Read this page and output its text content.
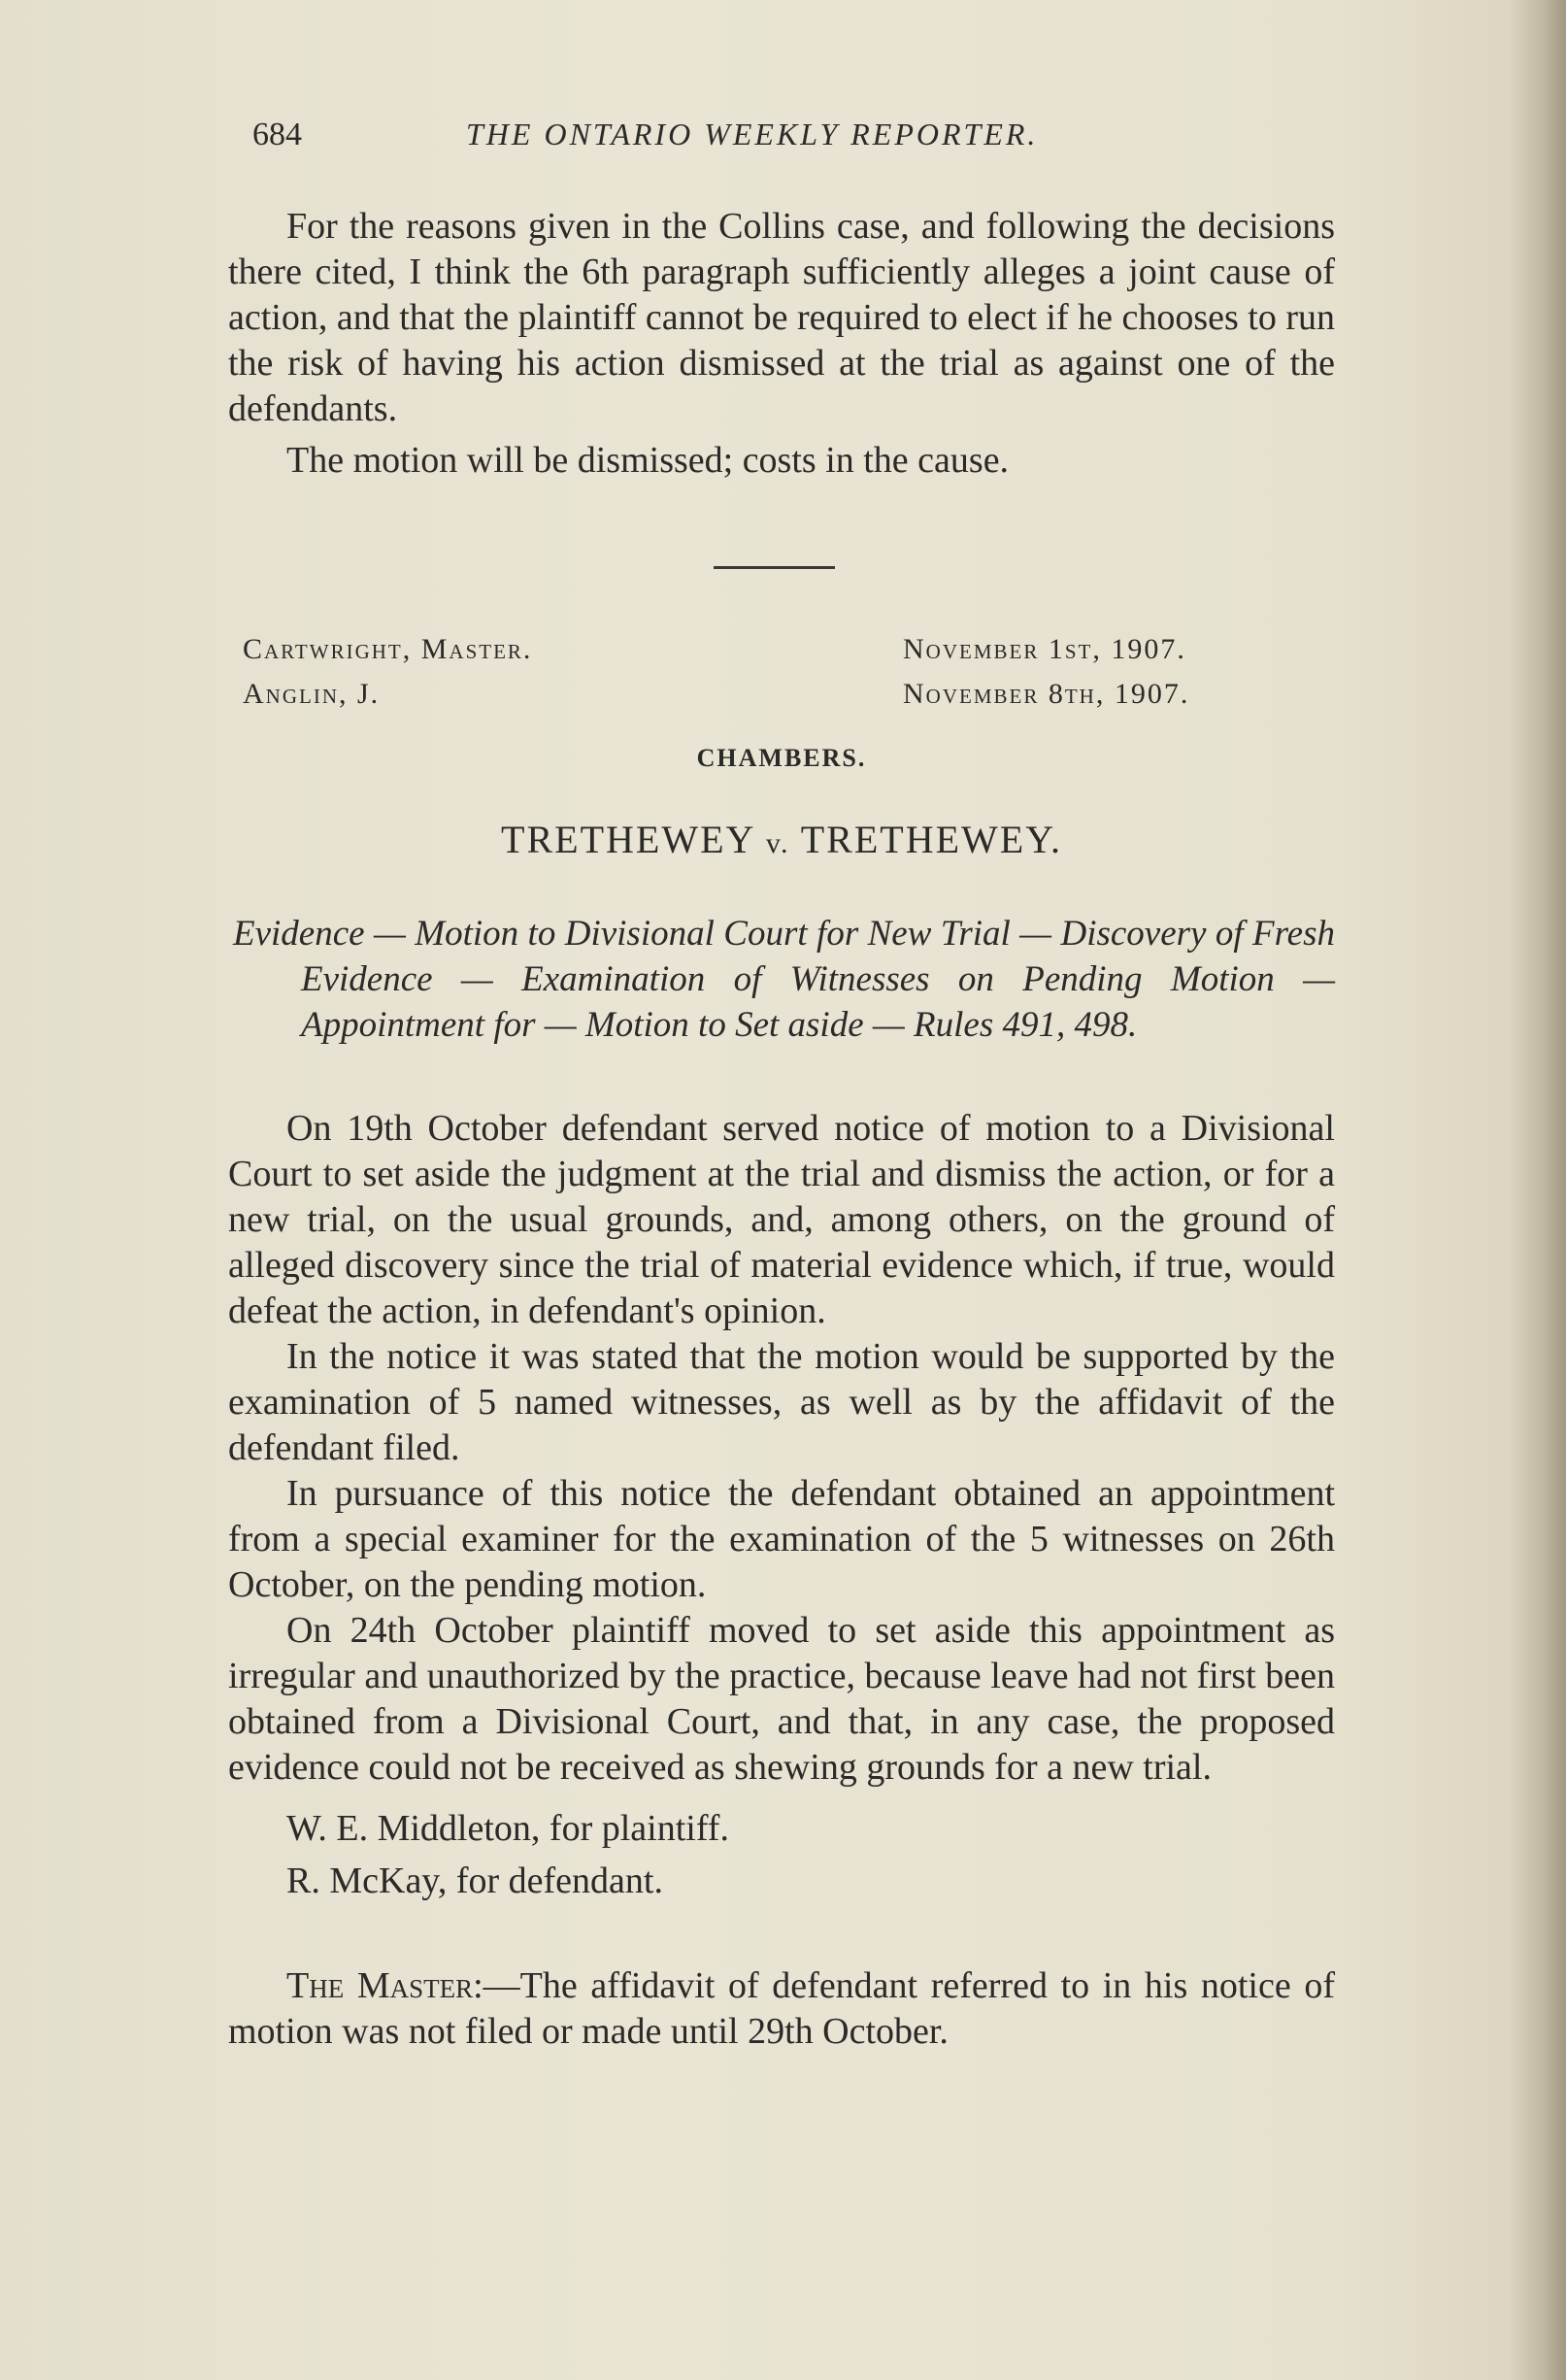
684	THE ONTARIO WEEKLY REPORTER.

For the reasons given in the Collins case, and following the decisions there cited, I think the 6th paragraph sufficiently alleges a joint cause of action, and that the plaintiff cannot be required to elect if he chooses to run the risk of having his action dismissed at the trial as against one of the defendants.

The motion will be dismissed; costs in the cause.

Cartwright, Master.
Anglin, J.
November 1st, 1907.
November 8th, 1907.
CHAMBERS.
TRETHEWEY v. TRETHEWEY.
Evidence — Motion to Divisional Court for New Trial — Discovery of Fresh Evidence — Examination of Witnesses on Pending Motion — Appointment for — Motion to Set aside — Rules 491, 498.

On 19th October defendant served notice of motion to a Divisional Court to set aside the judgment at the trial and dismiss the action, or for a new trial, on the usual grounds, and, among others, on the ground of alleged discovery since the trial of material evidence which, if true, would defeat the action, in defendant's opinion.

In the notice it was stated that the motion would be supported by the examination of 5 named witnesses, as well as by the affidavit of the defendant filed.

In pursuance of this notice the defendant obtained an appointment from a special examiner for the examination of the 5 witnesses on 26th October, on the pending motion.

On 24th October plaintiff moved to set aside this appointment as irregular and unauthorized by the practice, because leave had not first been obtained from a Divisional Court, and that, in any case, the proposed evidence could not be received as shewing grounds for a new trial.

W. E. Middleton, for plaintiff.
R. McKay, for defendant.

The Master:—The affidavit of defendant referred to in his notice of motion was not filed or made until 29th October.
